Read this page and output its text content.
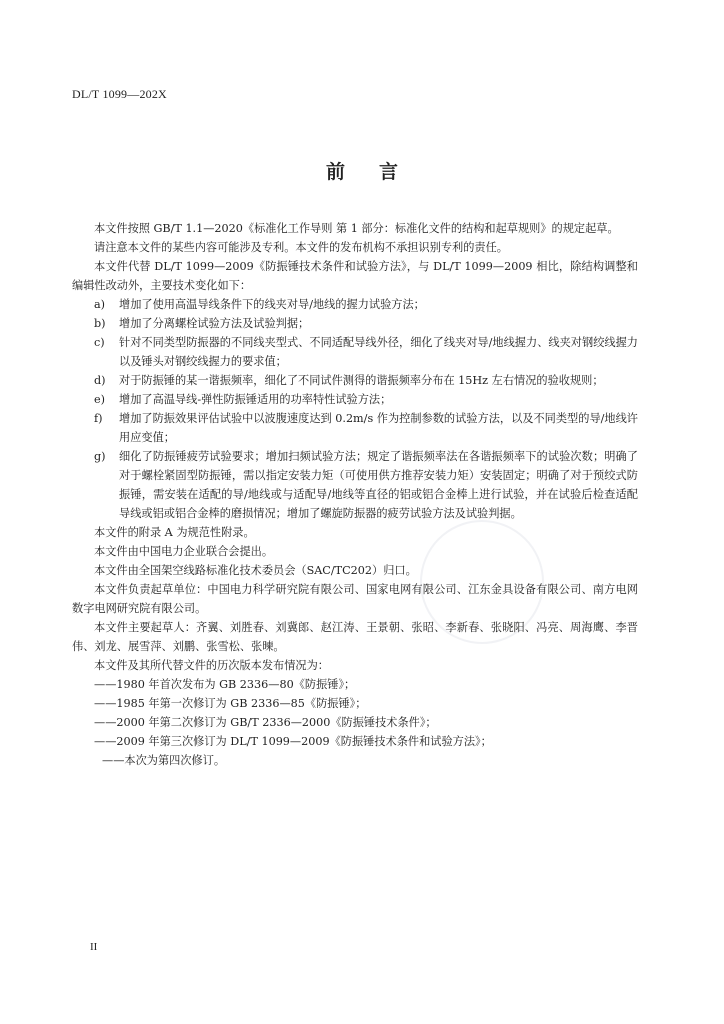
DL/T 1099—202X
前 言

本文件按照 GB/T 1.1—2020《标准化工作导则 第 1 部分：标准化文件的结构和起草规则》的规定起草。

请注意本文件的某些内容可能涉及专利。本文件的发布机构不承担识别专利的责任。

本文件代替 DL/T 1099—2009《防振锤技术条件和试验方法》，与 DL/T 1099—2009 相比，除结构调整和编辑性改动外，主要技术变化如下：

a) 增加了使用高温导线条件下的线夹对导/地线的握力试验方法；
b) 增加了分离螺栓试验方法及试验判据；
c) 针对不同类型防振器的不同线夹型式、不同适配导线外径，细化了线夹对导/地线握力、线夹对钢绞线握力以及锤头对钢绞线握力的要求值；
d) 对于防振锤的某一谐振频率，细化了不同试件测得的谐振频率分布在 15Hz 左右情况的验收规则；
e) 增加了高温导线-弹性防振锤适用的功率特性试验方法；
f) 增加了防振效果评估试验中以波腹速度达到 0.2m/s 作为控制参数的试验方法，以及不同类型的导/地线许用应变值；
g) 细化了防振锤疲劳试验要求；增加扫频试验方法；规定了谐振频率法在各谐振频率下的试验次数；明确了对于螺栓紧固型防振锤，需以指定安装力矩（可使用供方推荐安装力矩）安装固定；明确了对于预绞式防振锤，需安装在适配的导/地线或与适配导/地线等直径的铝或铝合金棒上进行试验，并在试验后检查适配导线或铝或铝合金棒的磨损情况；增加了螺旋防振器的疲劳试验方法及试验判据。

本文件的附录 A 为规范性附录。

本文件由中国电力企业联合会提出。

本文件由全国架空线路标准化技术委员会（SAC/TC202）归口。

本文件负责起草单位：中国电力科学研究院有限公司、国家电网有限公司、江东金具设备有限公司、南方电网数字电网研究院有限公司。

本文件主要起草人：齐翼、刘胜春、刘冀郎、赵江涛、王景朝、张昭、李新春、张晓阳、冯亮、周海鹰、李晋伟、刘龙、展雪萍、刘鹏、张雪松、张暕。

本文件及其所代替文件的历次版本发布情况为：

——1980 年首次发布为 GB 2336—80《防振锤》；

——1985 年第一次修订为 GB 2336—85《防振锤》；

——2000 年第二次修订为 GB/T 2336—2000《防振锤技术条件》；

——2009 年第三次修订为 DL/T 1099—2009《防振锤技术条件和试验方法》；

——本次为第四次修订。

II
